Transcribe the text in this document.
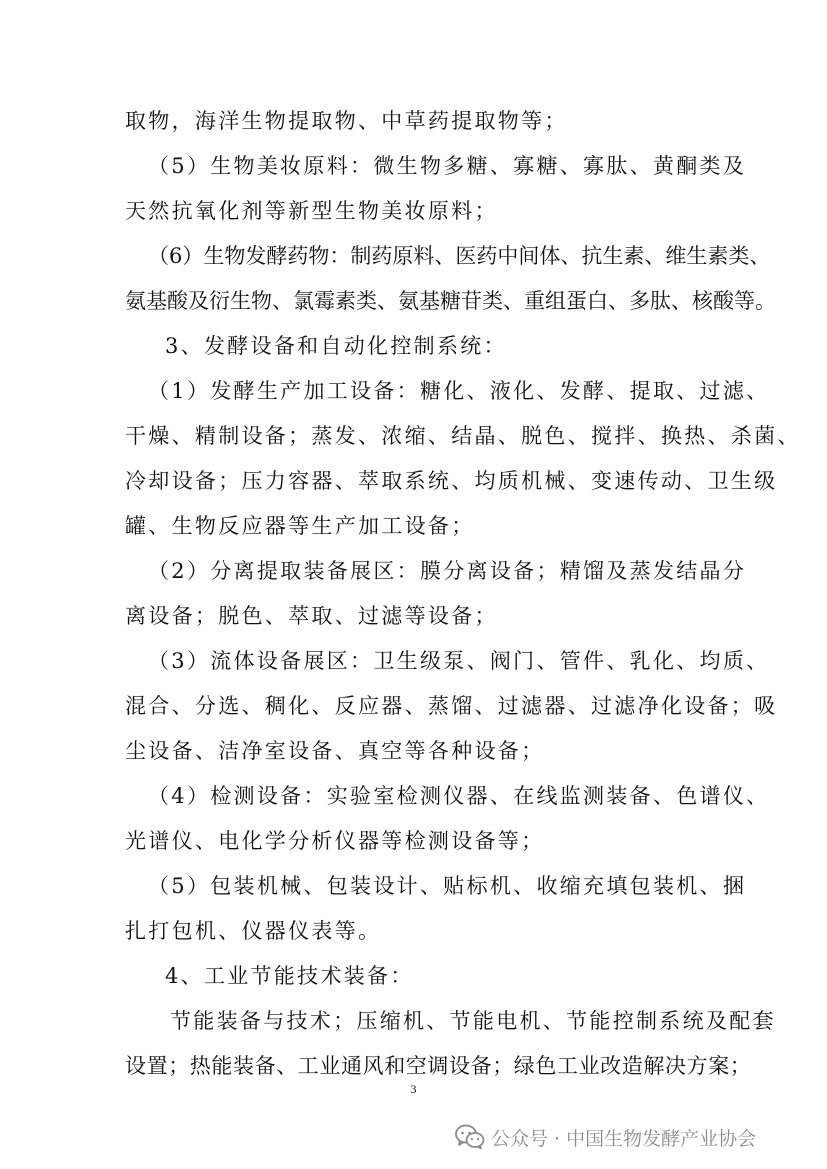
取物，海洋生物提取物、中草药提取物等；
（5）生物美妆原料：微生物多糖、寡糖、寡肽、黄酮类及
天然抗氧化剂等新型生物美妆原料；
（6）生物发酵药物：制药原料、医药中间体、抗生素、维生素类、
氨基酸及衍生物、氯霉素类、氨基糖苷类、重组蛋白、多肽、核酸等。
3、发酵设备和自动化控制系统：
（1）发酵生产加工设备：糖化、液化、发酵、提取、过滤、
干燥、精制设备；蒸发、浓缩、结晶、脱色、搅拌、换热、杀菌、
冷却设备；压力容器、萃取系统、均质机械、变速传动、卫生级
罐、生物反应器等生产加工设备；
（2）分离提取装备展区：膜分离设备；精馏及蒸发结晶分
离设备；脱色、萃取、过滤等设备；
（3）流体设备展区：卫生级泵、阀门、管件、乳化、均质、
混合、分选、稠化、反应器、蒸馏、过滤器、过滤净化设备；吸
尘设备、洁净室设备、真空等各种设备；
（4）检测设备：实验室检测仪器、在线监测装备、色谱仪、
光谱仪、电化学分析仪器等检测设备等；
（5）包装机械、包装设计、贴标机、收缩充填包装机、捆
扎打包机、仪器仪表等。
4、工业节能技术装备：
节能装备与技术；压缩机、节能电机、节能控制系统及配套
设置；热能装备、工业通风和空调设备；绿色工业改造解决方案；
3
公众号 · 中国生物发酵产业协会
